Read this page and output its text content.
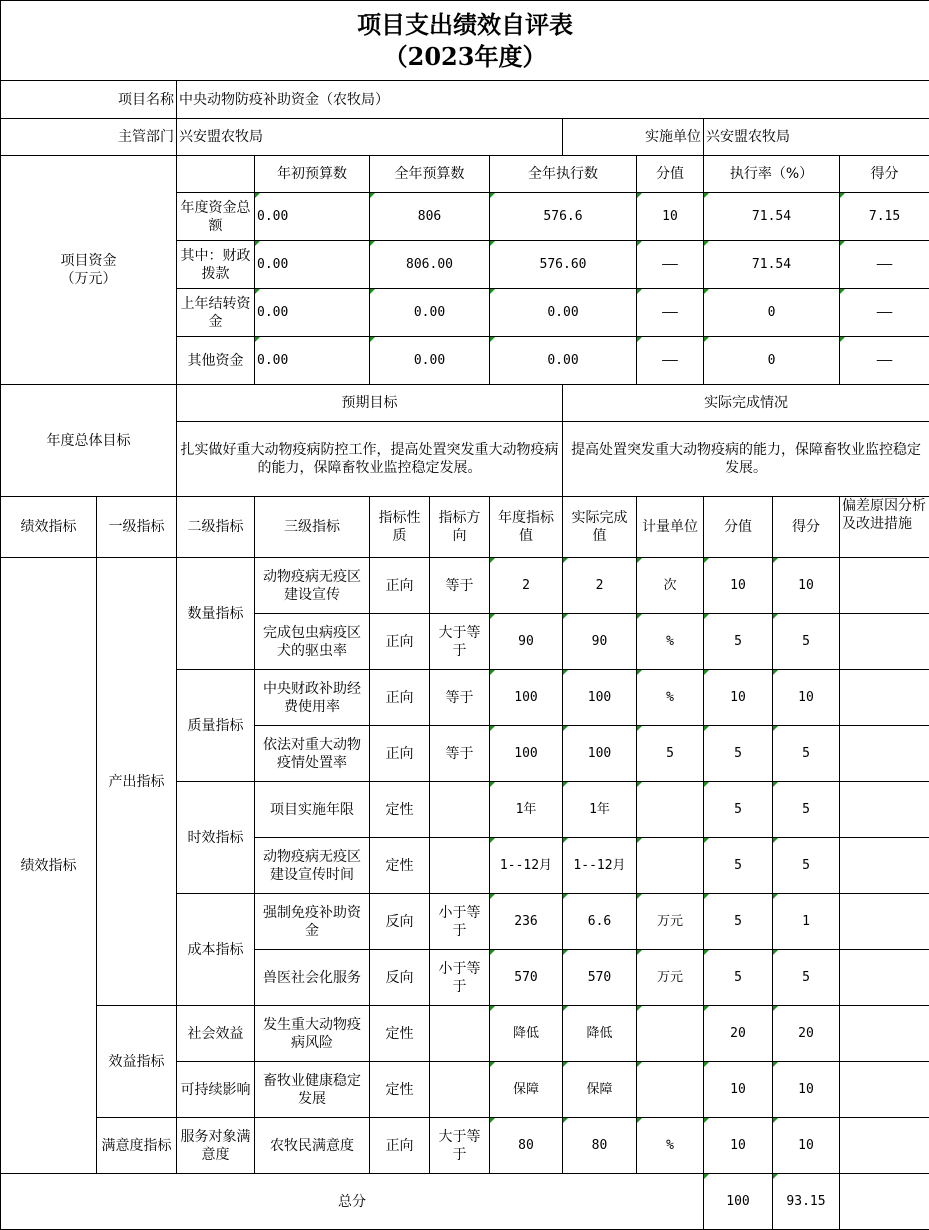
项目支出绩效自评表
（2023年度）											

项目名称		中央动物防疫补助资金（农牧局）									
主管部门		兴安盟农牧局					实施单位		兴安盟农牧局		
项目资金
（万元）			年初预算数	全年预算数		全年执行数		分值	执行率（%）		得分
		年度资金总额	0.00	806		576.6		10	71.54		7.15
		其中：财政拨款	0.00	806.00		576.60		——	71.54		——
		上年结转资金	0.00	0.00		0.00		——	0		——
		其他资金	0.00	0.00		0.00		——	0		——
年度总体目标		预期目标					实际完成情况				
		扎实做好重大动物疫病防控工作，提高处置突发重大动物疫病的能力，保障畜牧业监控稳定发展。					提高处置突发重大动物疫病的能力，保障畜牧业监控稳定发展。				
绩效指标	一级指标	二级指标	三级指标	指标性质	指标方向	年度指标值	实际完成值	计量单位	分值	得分	偏差原因分析及改进措施
绩效指标	产出指标	数量指标	动物疫病无疫区建设宣传	正向	等于	2	2	次	10	10	
			完成包虫病疫区犬的驱虫率	正向	大于等于	90	90	%	5	5	
		质量指标	中央财政补助经费使用率	正向	等于	100	100	%	10	10	
			依法对重大动物疫情处置率	正向	等于	100	100	5	5	5	
		时效指标	项目实施年限	定性		1年	1年		5	5	
			动物疫病无疫区建设宣传时间	定性		1--12月	1--12月		5	5	
		成本指标	强制免疫补助资金	反向	小于等于	236	6.6	万元	5	1	
			兽医社会化服务	反向	小于等于	570	570	万元	5	5	
	效益指标	社会效益	发生重大动物疫病风险	定性		降低	降低		20	20	
		可持续影响	畜牧业健康稳定发展	定性		保障	保障		10	10	
	满意度指标	服务对象满意度	农牧民满意度	正向	大于等于	80	80	%	10	10	
总分									100	93.15	
